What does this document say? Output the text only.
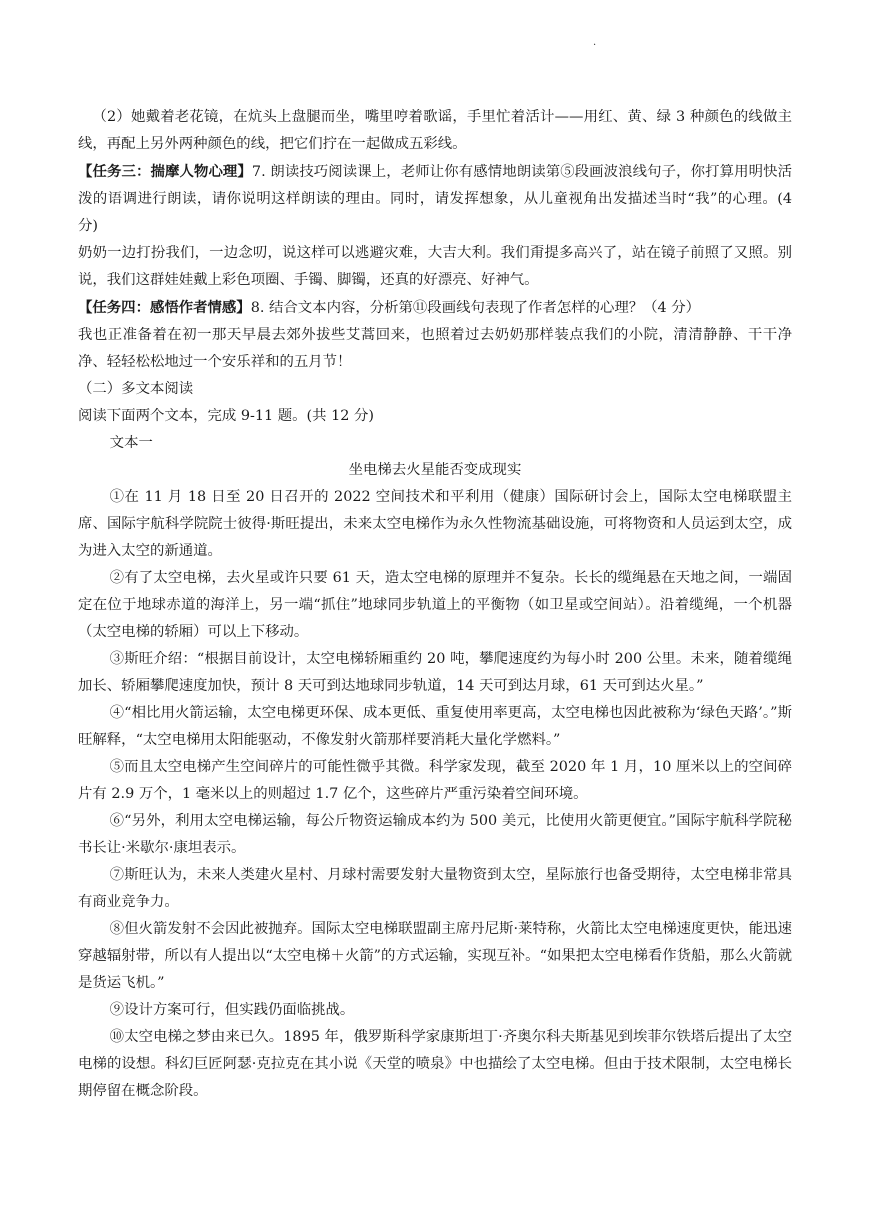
.

（2）她戴着老花镜，在炕头上盘腿而坐，嘴里哼着歌谣，手里忙着活计——用红、黄、绿 3 种颜色的线做主线，再配上另外两种颜色的线，把它们拧在一起做成五彩线。

【任务三：揣摩人物心理】7. 朗读技巧阅读课上，老师让你有感情地朗读第⑤段画波浪线句子，你打算用明快活泼的语调进行朗读，请你说明这样朗读的理由。同时，请发挥想象，从儿童视角出发描述当时“我”的心理。(4 分)

奶奶一边打扮我们，一边念叨，说这样可以逃避灾难，大吉大利。我们甭提多高兴了，站在镜子前照了又照。别说，我们这群娃娃戴上彩色项圈、手镯、脚镯，还真的好漂亮、好神气。

【任务四：感悟作者情感】8. 结合文本内容，分析第⑪段画线句表现了作者怎样的心理？（4 分）

我也正准备着在初一那天早晨去郊外拔些艾蒿回来，也照着过去奶奶那样装点我们的小院，清清静静、干干净净、轻轻松松地过一个安乐祥和的五月节！

（二）多文本阅读

阅读下面两个文本，完成 9-11 题。(共 12 分)

文本一

坐电梯去火星能否变成现实

①在 11 月 18 日至 20 日召开的 2022 空间技术和平利用（健康）国际研讨会上，国际太空电梯联盟主席、国际宇航科学院院士彼得·斯旺提出，未来太空电梯作为永久性物流基础设施，可将物资和人员运到太空，成为进入太空的新通道。

②有了太空电梯，去火星或许只要 61 天，造太空电梯的原理并不复杂。长长的缆绳悬在天地之间，一端固定在位于地球赤道的海洋上，另一端“抓住”地球同步轨道上的平衡物（如卫星或空间站）。沿着缆绳，一个机器（太空电梯的轿厢）可以上下移动。

③斯旺介绍：“根据目前设计，太空电梯轿厢重约 20 吨，攀爬速度约为每小时 200 公里。未来，随着缆绳加长、轿厢攀爬速度加快，预计 8 天可到达地球同步轨道，14 天可到达月球，61 天可到达火星。”

④“相比用火箭运输，太空电梯更环保、成本更低、重复使用率更高，太空电梯也因此被称为‘绿色天路’。”斯旺解释，“太空电梯用太阳能驱动，不像发射火箭那样要消耗大量化学燃料。”

⑤而且太空电梯产生空间碎片的可能性微乎其微。科学家发现，截至 2020 年 1 月，10 厘米以上的空间碎片有 2.9 万个，1 毫米以上的则超过 1.7 亿个，这些碎片严重污染着空间环境。

⑥“另外，利用太空电梯运输，每公斤物资运输成本约为 500 美元，比使用火箭更便宜。”国际宇航科学院秘书长让·米歇尔·康坦表示。

⑦斯旺认为，未来人类建火星村、月球村需要发射大量物资到太空，星际旅行也备受期待，太空电梯非常具有商业竞争力。

⑧但火箭发射不会因此被抛弃。国际太空电梯联盟副主席丹尼斯·莱特称，火箭比太空电梯速度更快，能迅速穿越辐射带，所以有人提出以“太空电梯＋火箭”的方式运输，实现互补。“如果把太空电梯看作货船，那么火箭就是货运飞机。”

⑨设计方案可行，但实践仍面临挑战。

⑩太空电梯之梦由来已久。1895 年，俄罗斯科学家康斯坦丁·齐奥尔科夫斯基见到埃菲尔铁塔后提出了太空电梯的设想。科幻巨匠阿瑟·克拉克在其小说《天堂的喷泉》中也描绘了太空电梯。但由于技术限制，太空电梯长期停留在概念阶段。
